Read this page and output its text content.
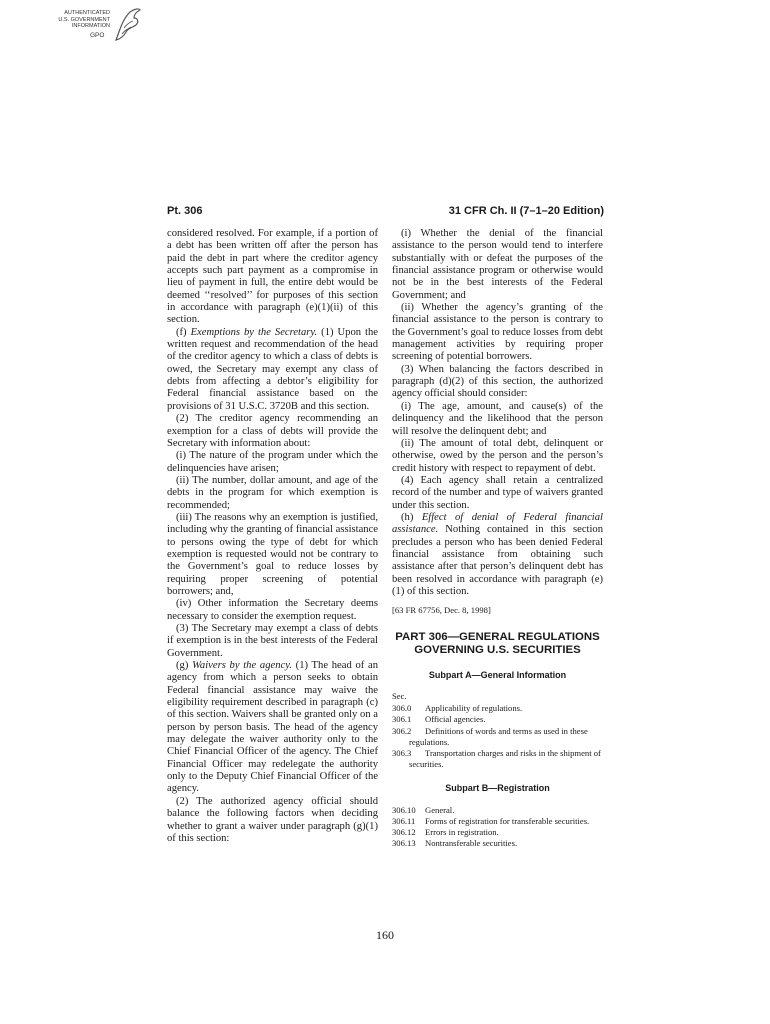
AUTHENTICATED
U.S. GOVERNMENT
INFORMATION
GPO
Pt. 306	31 CFR Ch. II (7–1–20 Edition)

considered resolved. For example, if a portion of a debt has been written off after the person has paid the debt in part where the creditor agency accepts such part payment as a compromise in lieu of payment in full, the entire debt would be deemed ‘‘resolved’’ for purposes of this section in accordance with paragraph (e)(1)(ii) of this section.

(f) Exemptions by the Secretary. (1) Upon the written request and recommendation of the head of the creditor agency to which a class of debts is owed, the Secretary may exempt any class of debts from affecting a debtor’s eligibility for Federal financial assistance based on the provisions of 31 U.S.C. 3720B and this section.

(2) The creditor agency recommending an exemption for a class of debts will provide the Secretary with information about:

(i) The nature of the program under which the delinquencies have arisen;

(ii) The number, dollar amount, and age of the debts in the program for which exemption is recommended;

(iii) The reasons why an exemption is justified, including why the granting of financial assistance to persons owing the type of debt for which exemption is requested would not be contrary to the Government’s goal to reduce losses by requiring proper screening of potential borrowers; and,

(iv) Other information the Secretary deems necessary to consider the exemption request.

(3) The Secretary may exempt a class of debts if exemption is in the best interests of the Federal Government.

(g) Waivers by the agency. (1) The head of an agency from which a person seeks to obtain Federal financial assistance may waive the eligibility requirement described in paragraph (c) of this section. Waivers shall be granted only on a person by person basis. The head of the agency may delegate the waiver authority only to the Chief Financial Officer of the agency. The Chief Financial Officer may redelegate the authority only to the Deputy Chief Financial Officer of the agency.

(2) The authorized agency official should balance the following factors when deciding whether to grant a waiver under paragraph (g)(1) of this section:

(i) Whether the denial of the financial assistance to the person would tend to interfere substantially with or defeat the purposes of the financial assistance program or otherwise would not be in the best interests of the Federal Government; and

(ii) Whether the agency’s granting of the financial assistance to the person is contrary to the Government’s goal to reduce losses from debt management activities by requiring proper screening of potential borrowers.

(3) When balancing the factors described in paragraph (d)(2) of this section, the authorized agency official should consider:

(i) The age, amount, and cause(s) of the delinquency and the likelihood that the person will resolve the delinquent debt; and

(ii) The amount of total debt, delinquent or otherwise, owed by the person and the person’s credit history with respect to repayment of debt.

(4) Each agency shall retain a centralized record of the number and type of waivers granted under this section.

(h) Effect of denial of Federal financial assistance. Nothing contained in this section precludes a person who has been denied Federal financial assistance from obtaining such assistance after that person’s delinquent debt has been resolved in accordance with paragraph (e)(1) of this section.

[63 FR 67756, Dec. 8, 1998]

PART 306—GENERAL REGULATIONS
GOVERNING U.S. SECURITIES
Subpart A—General Information
Sec.
306.0	Applicability of regulations.
306.1	Official agencies.
306.2 Definitions of words and terms as used in these regulations.
306.3 Transportation charges and risks in the shipment of securities.
Subpart B—Registration
306.10	General.
306.11 Forms of registration for transferable securities.
306.12	Errors in registration.
306.13	Nontransferable securities.
160
